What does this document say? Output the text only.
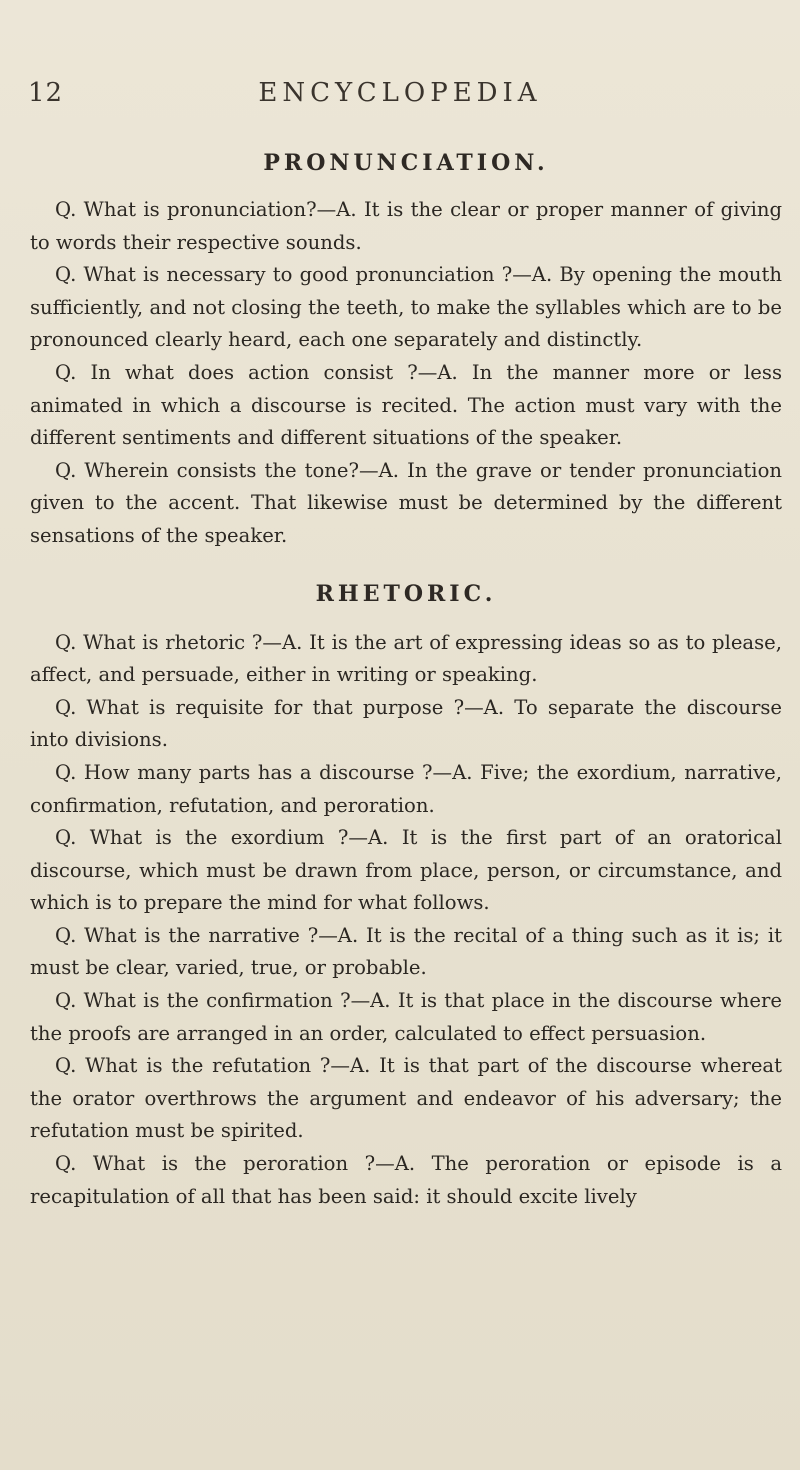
12	ENCYCLOPEDIA
PRONUNCIATION.

Q. What is pronunciation?—A. It is the clear or proper manner of giving to words their respective sounds.

Q. What is necessary to good pronunciation ?—A. By opening the mouth sufficiently, and not closing the teeth, to make the syllables which are to be pronounced clearly heard, each one separately and distinctly.

Q. In what does action consist ?—A. In the manner more or less animated in which a discourse is recited. The action must vary with the different sentiments and different situations of the speaker.

Q. Wherein consists the tone?—A. In the grave or tender pronunciation given to the accent. That likewise must be determined by the different sensations of the speaker.

RHETORIC.

Q. What is rhetoric ?—A. It is the art of expressing ideas so as to please, affect, and persuade, either in writing or speaking.

Q. What is requisite for that purpose ?—A. To separate the discourse into divisions.

Q. How many parts has a discourse ?—A. Five; the exordium, narrative, confirmation, refutation, and peroration.

Q. What is the exordium ?—A. It is the first part of an oratorical discourse, which must be drawn from place, person, or circumstance, and which is to prepare the mind for what follows.

Q. What is the narrative ?—A. It is the recital of a thing such as it is; it must be clear, varied, true, or probable.

Q. What is the confirmation ?—A. It is that place in the discourse where the proofs are arranged in an order, calculated to effect persuasion.

Q. What is the refutation ?—A. It is that part of the discourse whereat the orator overthrows the argument and endeavor of his adversary; the refutation must be spirited.

Q. What is the peroration ?—A. The peroration or episode is a recapitulation of all that has been said: it should excite lively
